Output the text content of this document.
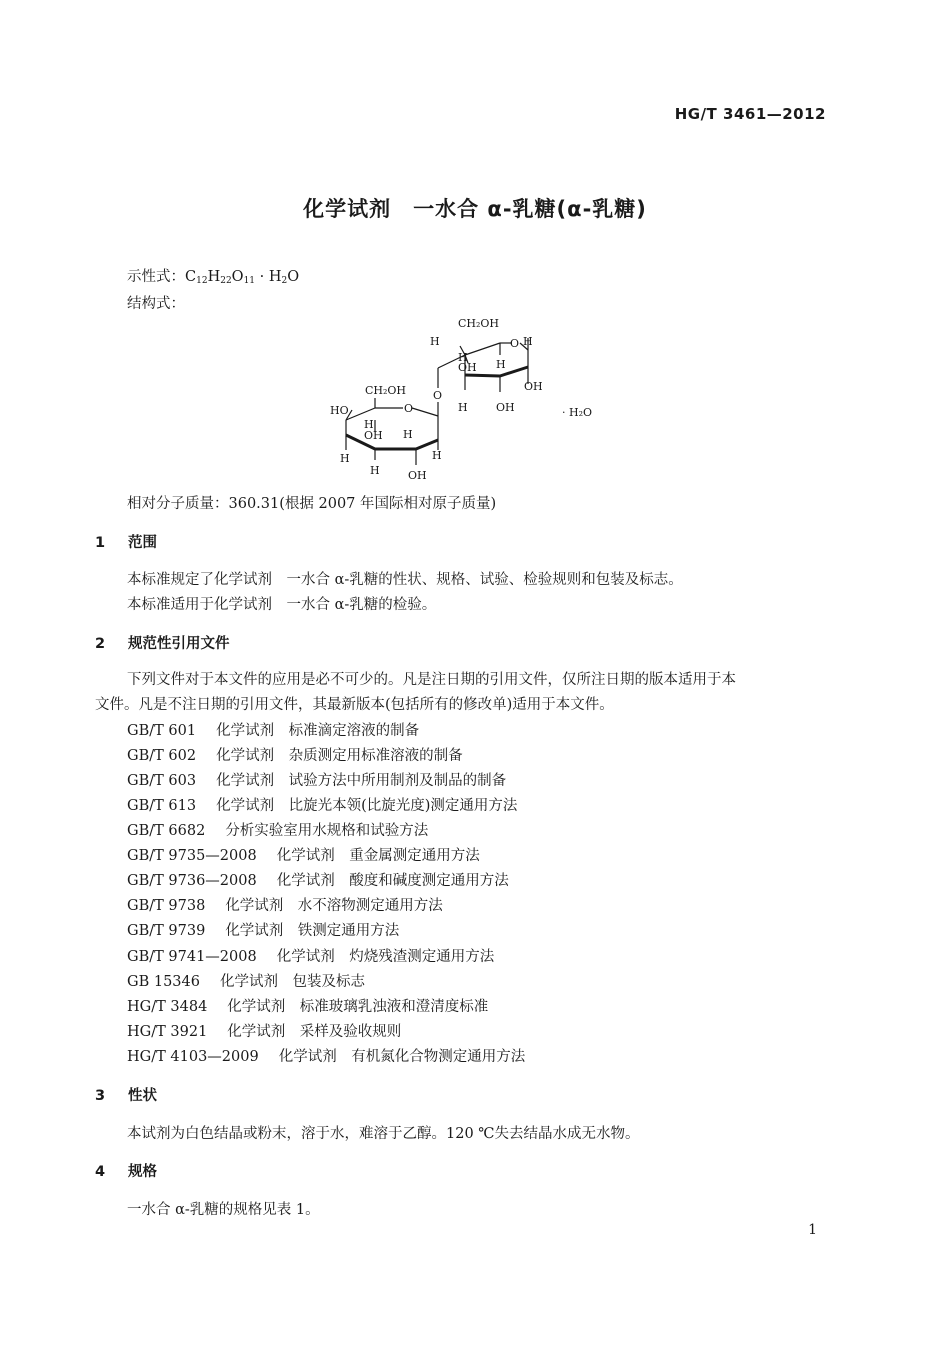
HG/T 3461—2012
化学试剂　一水合 α-乳糖(α-乳糖)
示性式：$C_{12}H_{22}O_{11} \cdot H_2O$
结构式：
CH₂OH
H	O H
H
OH H
OH
H	OH
O
CH₂OH
HO	O
H
OH H
H
H
H	OH
· H₂O
相对分子质量：360.31(根据 2007 年国际相对原子质量)
1 范围
本标准规定了化学试剂　一水合 α-乳糖的性状、规格、试验、检验规则和包装及标志。
本标准适用于化学试剂　一水合 α-乳糖的检验。
2 规范性引用文件
下列文件对于本文件的应用是必不可少的。凡是注日期的引用文件，仅所注日期的版本适用于本
文件。凡是不注日期的引用文件，其最新版本(包括所有的修改单)适用于本文件。
GB/T 601 化学试剂　标准滴定溶液的制备
GB/T 602 化学试剂　杂质测定用标准溶液的制备
GB/T 603 化学试剂　试验方法中所用制剂及制品的制备
GB/T 613 化学试剂　比旋光本领(比旋光度)测定通用方法
GB/T 6682 分析实验室用水规格和试验方法
GB/T 9735—2008 化学试剂　重金属测定通用方法
GB/T 9736—2008 化学试剂　酸度和碱度测定通用方法
GB/T 9738 化学试剂　水不溶物测定通用方法
GB/T 9739 化学试剂　铁测定通用方法
GB/T 9741—2008 化学试剂　灼烧残渣测定通用方法
GB 15346 化学试剂　包装及标志
HG/T 3484 化学试剂　标准玻璃乳浊液和澄清度标准
HG/T 3921 化学试剂　采样及验收规则
HG/T 4103—2009 化学试剂　有机氮化合物测定通用方法
3 性状
本试剂为白色结晶或粉末，溶于水，难溶于乙醇。120 ℃失去结晶水成无水物。
4 规格
一水合 α-乳糖的规格见表 1。
1
